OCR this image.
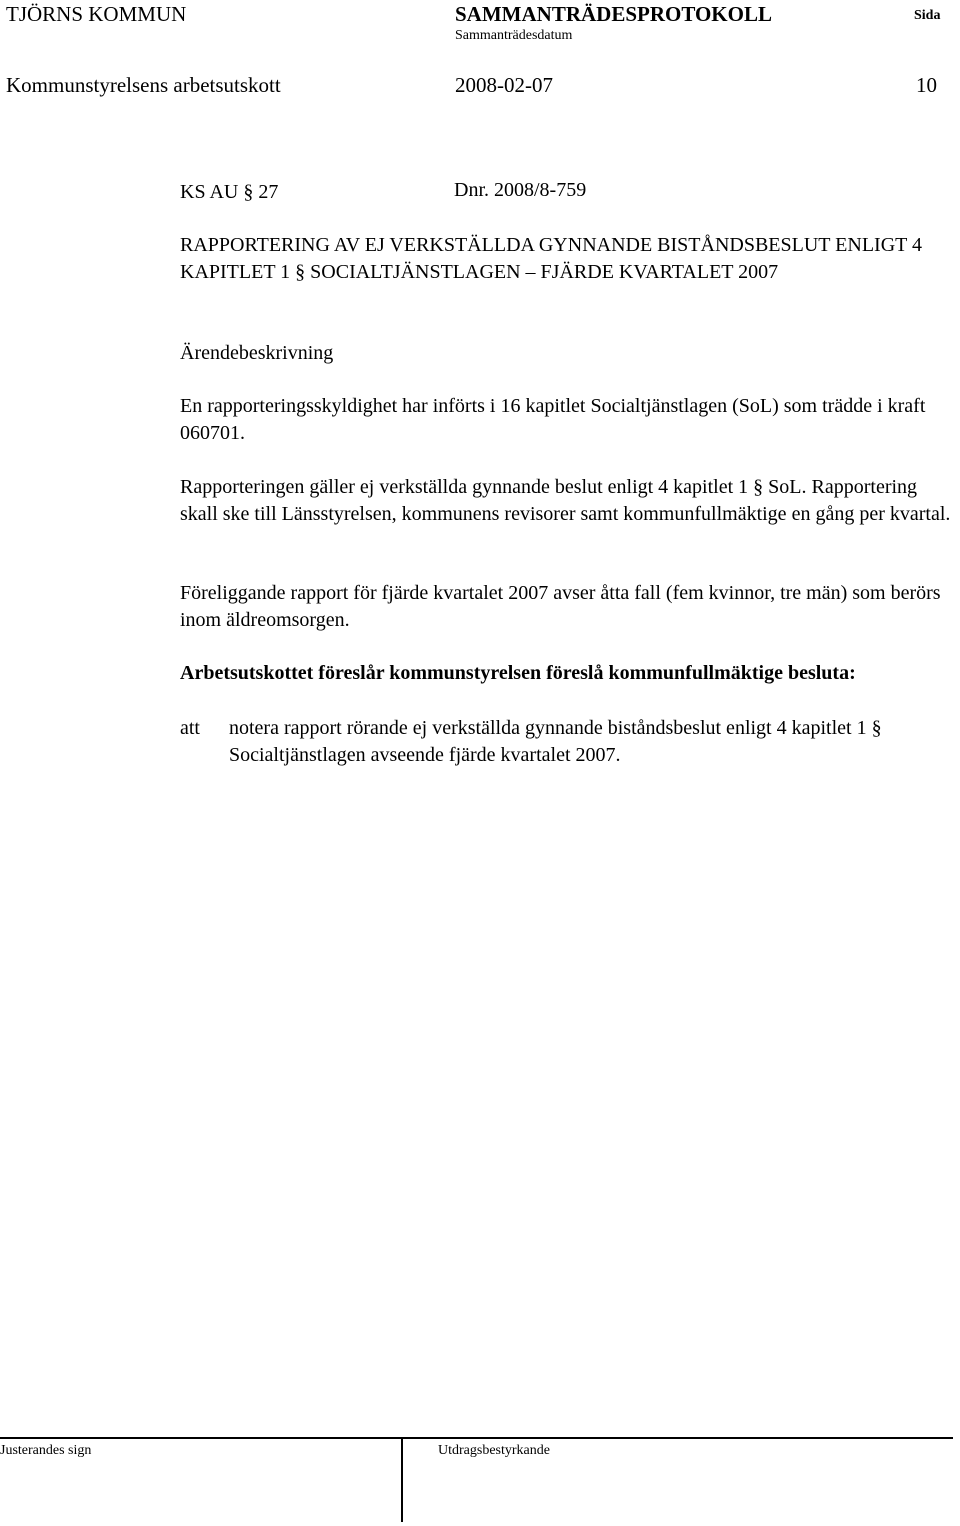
TJÖRNS KOMMUN	SAMMANTRÄDESPROTOKOLL	Sida
Sammanträdesdatum
Kommunstyrelsens arbetsutskott	2008-02-07	10
KS AU § 27	Dnr. 2008/8-759
RAPPORTERING AV EJ VERKSTÄLLDA GYNNANDE BISTÅNDSBESLUT ENLIGT 4 KAPITLET 1 § SOCIALTJÄNSTLAGEN – FJÄRDE KVARTALET 2007
Ärendebeskrivning
En rapporteringsskyldighet har införts i 16 kapitlet Socialtjänstlagen (SoL) som trädde i kraft 060701.
Rapporteringen gäller ej verkställda gynnande beslut enligt 4 kapitlet 1 § SoL. Rapportering skall ske till Länsstyrelsen, kommunens revisorer samt kommunfullmäktige en gång per kvartal.
Föreliggande rapport för fjärde kvartalet 2007 avser åtta fall (fem kvinnor, tre män) som berörs inom äldreomsorgen.
Arbetsutskottet föreslår kommunstyrelsen föreslå kommunfullmäktige besluta:
att notera rapport rörande ej verkställda gynnande biståndsbeslut enligt 4 kapitlet 1 § Socialtjänstlagen avseende fjärde kvartalet 2007.
Justerandes sign	Utdragsbestyrkande
